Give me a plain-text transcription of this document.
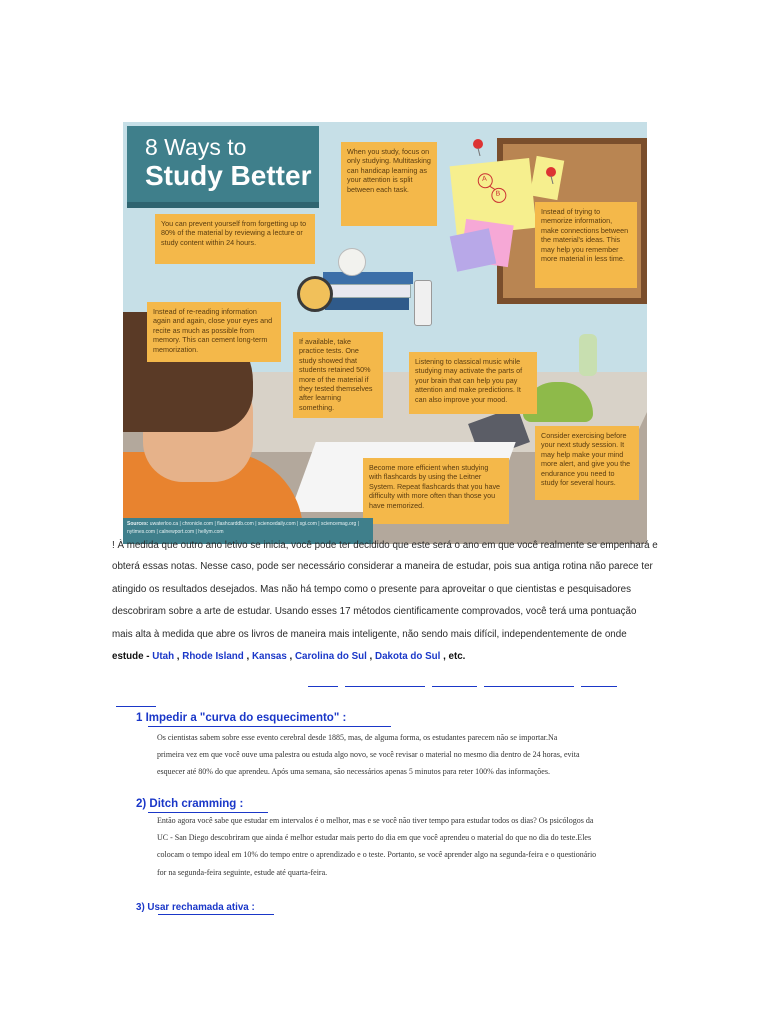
8 Ways to
Study Better	A
B
When you study, focus on only studying. Multitasking can handicap learning as your attention is split between each task.
You can prevent yourself from forgetting up to 80% of the material by reviewing a lecture or study content within 24 hours.
Instead of trying to memorize information, make connections between the material's ideas. This may help you remember more material in less time.
Instead of re-reading information again and again, close your eyes and recite as much as possible from memory. This can cement long-term memorization.
If available, take practice tests. One study showed that students retained 50% more of the material if they tested themselves after learning something.
Listening to classical music while studying may activate the parts of your brain that can help you pay attention and make predictions. It can also improve your mood.
Consider exercising before your next study session. It may help make your mind more alert, and give you the endurance you need to study for several hours.
Become more efficient when studying with flashcards by using the Leitner System. Repeat flashcards that you have difficulty with more often than those you have memorized.
Sources: uwaterloo.ca | chronicle.com | flashcarddb.com | sciencedaily.com | sgi.com | sciencemag.org | nytimes.com | calnewport.com | hellym.com
! À medida que outro ano letivo se inicia, você pode ter decidido que este será o ano em que você realmente se empenhará e
obterá essas notas. Nesse caso, pode ser necessário considerar a maneira de estudar, pois sua antiga rotina não parece ter
atingido os resultados desejados. Mas não há tempo como o presente para aproveitar o que cientistas e pesquisadores
descobriram sobre a arte de estudar. Usando esses 17 métodos cientificamente comprovados, você terá uma pontuação
mais alta à medida que abre os livros de maneira mais inteligente, não sendo mais difícil, independentemente de onde
estude - Utah , Rhode Island , Kansas , Carolina do Sul , Dakota do Sul , etc.
1 Impedir a "curva do esquecimento" :
Os cientistas sabem sobre esse evento cerebral desde 1885, mas, de alguma forma, os estudantes parecem não se importar.Na
primeira vez em que você ouve uma palestra ou estuda algo novo, se você revisar o material no mesmo dia dentro de 24 horas, evita
esquecer até 80% do que aprendeu. Após uma semana, são necessários apenas 5 minutos para reter 100% das informações.
2) Ditch cramming :
Então agora você sabe que estudar em intervalos é o melhor, mas e se você não tiver tempo para estudar todos os dias? Os psicólogos da
UC - San Diego descobriram que ainda é melhor estudar mais perto do dia em que você aprendeu o material do que no dia do teste.Eles
colocam o tempo ideal em 10% do tempo entre o aprendizado e o teste. Portanto, se você aprender algo na segunda-feira e o questionário
for na segunda-feira seguinte, estude até quarta-feira.
3) Usar rechamada ativa :
